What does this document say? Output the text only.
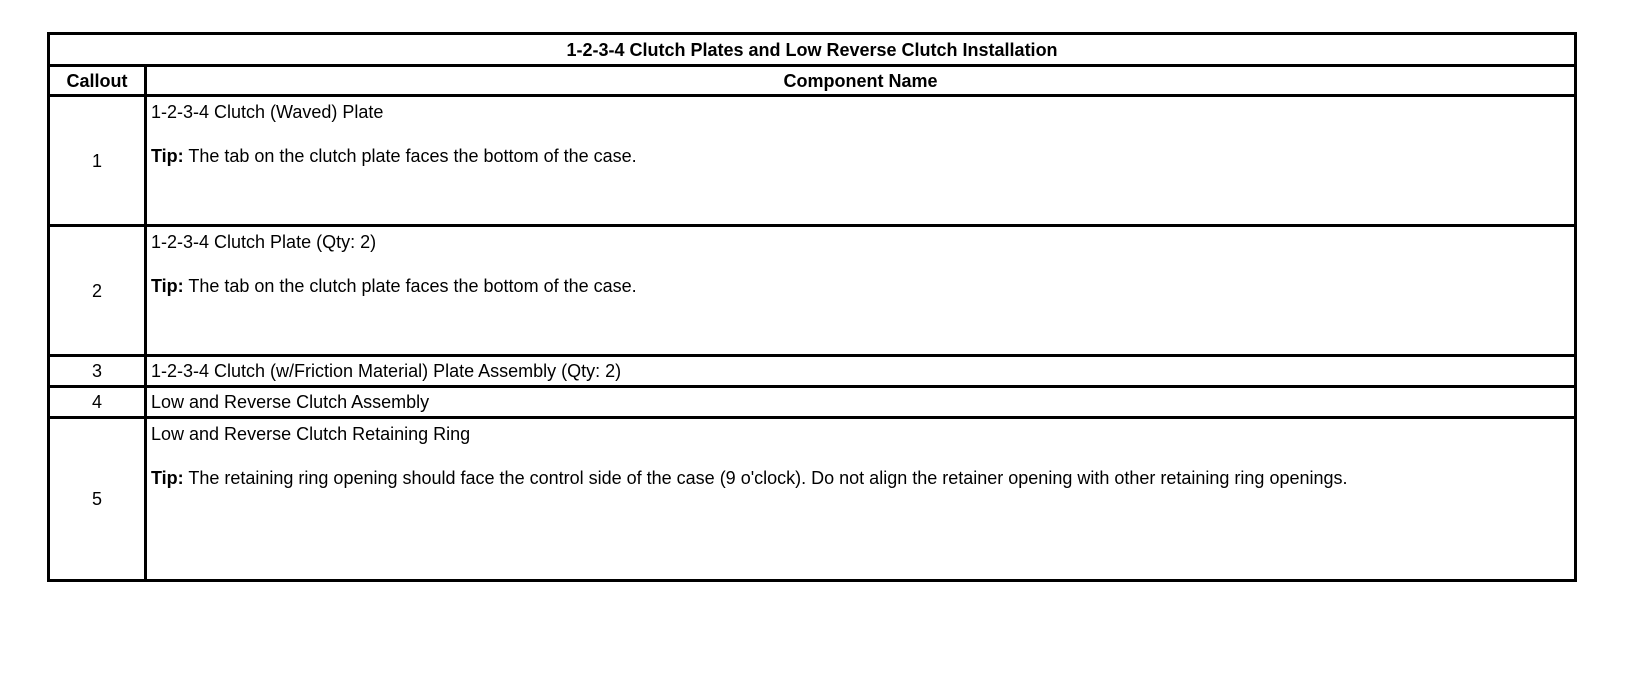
1-2-3-4 Clutch Plates and Low Reverse Clutch Installation	
Callout	Component Name
1	1-2-3-4 Clutch (Waved) Plate
Tip: The tab on the clutch plate faces the bottom of the case.

2	1-2-3-4 Clutch Plate (Qty: 2)
Tip: The tab on the clutch plate faces the bottom of the case.

3	1-2-3-4 Clutch (w/Friction Material) Plate Assembly (Qty: 2)
4	Low and Reverse Clutch Assembly
5	Low and Reverse Clutch Retaining Ring
Tip: The retaining ring opening should face the control side of the case (9 o'clock). Do not align the retainer opening with other retaining ring openings.
